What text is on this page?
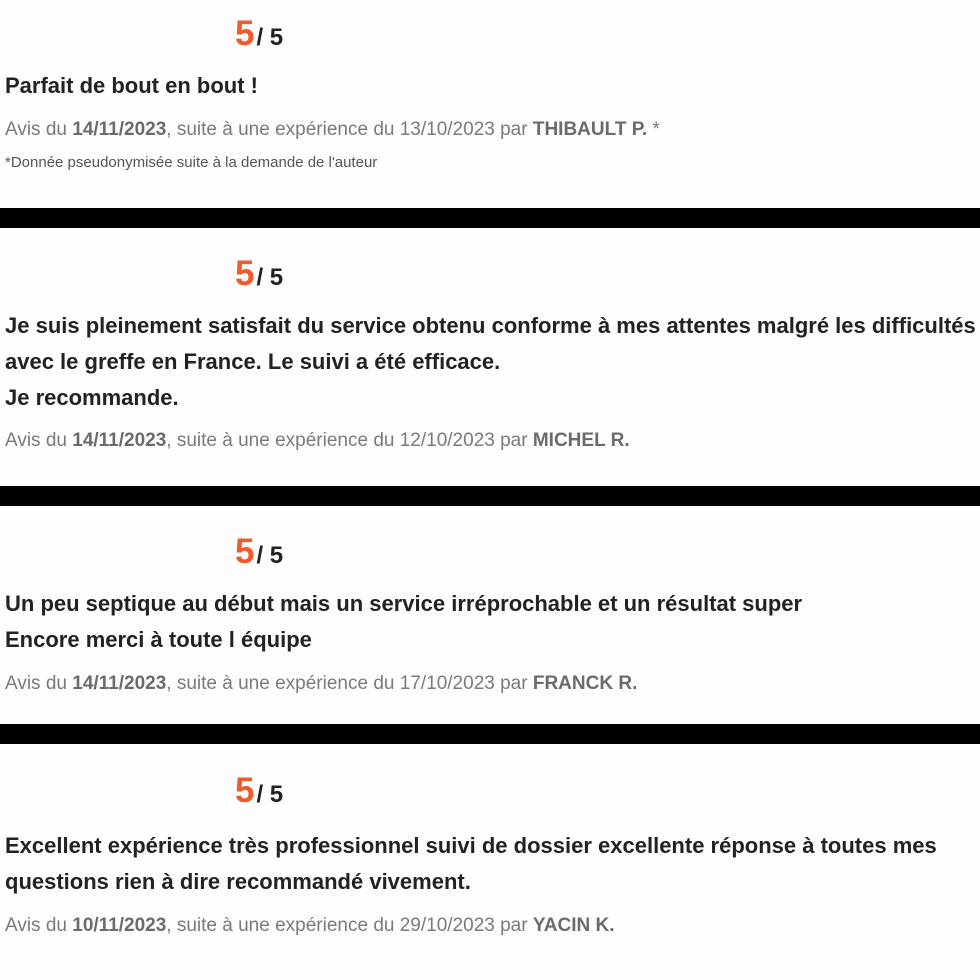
5/ 5

Parfait de bout en bout !

Avis du 14/11/2023, suite à une expérience du 13/10/2023 par THIBAULT P. *
*Donnée pseudonymisée suite à la demande de l'auteur
5/ 5

Je suis pleinement satisfait du service obtenu conforme à mes attentes malgré les difficultés avec le greffe en France. Le suivi a été efficace.
Je recommande.

Avis du 14/11/2023, suite à une expérience du 12/10/2023 par MICHEL R.
5/ 5

Un peu septique au début mais un service irréprochable et un résultat super
Encore merci à toute l équipe

Avis du 14/11/2023, suite à une expérience du 17/10/2023 par FRANCK R.
5/ 5

Excellent expérience très professionnel suivi de dossier excellente réponse à toutes mes questions rien à dire recommandé vivement.

Avis du 10/11/2023, suite à une expérience du 29/10/2023 par YACIN K.
